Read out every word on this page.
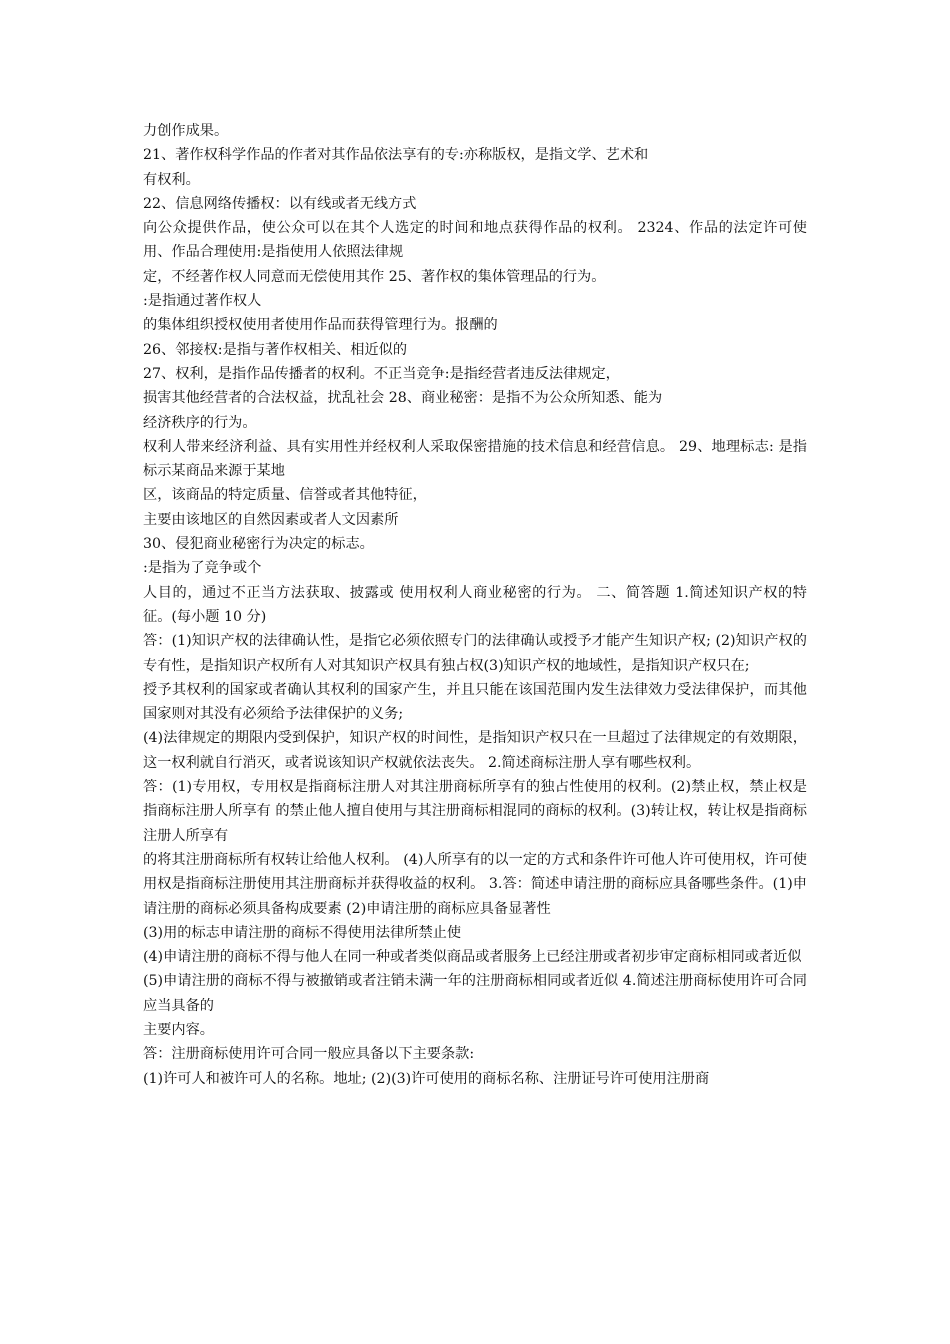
力创作成果。

21、著作权科学作品的作者对其作品依法享有的专:亦称版权，是指文学、艺术和

有权利。

22、信息网络传播权：以有线或者无线方式

向公众提供作品，使公众可以在其个人选定的时间和地点获得作品的权利。 2324、作品的法定许可使用、作品合理使用:是指使用人依照法律规

定，不经著作权人同意而无偿使用其作 25、著作权的集体管理品的行为。

:是指通过著作权人

的集体组织授权使用者使用作品而获得管理行为。报酬的

26、邻接权:是指与著作权相关、相近似的

27、权利，是指作品传播者的权利。不正当竞争:是指经营者违反法律规定，

损害其他经营者的合法权益，扰乱社会 28、商业秘密：是指不为公众所知悉、能为

经济秩序的行为。

权利人带来经济利益、具有实用性并经权利人采取保密措施的技术信息和经营信息。 29、地理标志: 是指标示某商品来源于某地

区，该商品的特定质量、信誉或者其他特征，

主要由该地区的自然因素或者人文因素所

30、侵犯商业秘密行为决定的标志。

:是指为了竞争或个

人目的，通过不正当方法获取、披露或 使用权利人商业秘密的行为。 二、简答题 1.简述知识产权的特征。(每小题 10 分)

答：(1)知识产权的法律确认性，是指它必须依照专门的法律确认或授予才能产生知识产权; (2)知识产权的专有性，是指知识产权所有人对其知识产权具有独占权(3)知识产权的地域性，是指知识产权只在;

授予其权利的国家或者确认其权利的国家产生，并且只能在该国范围内发生法律效力受法律保护，而其他国家则对其没有必须给予法律保护的义务;

(4)法律规定的期限内受到保护，知识产权的时间性，是指知识产权只在一旦超过了法律规定的有效期限，这一权利就自行消灭，或者说该知识产权就依法丧失。 2.简述商标注册人享有哪些权利。

答：(1)专用权，专用权是指商标注册人对其注册商标所享有的独占性使用的权利。(2)禁止权，禁止权是指商标注册人所享有 的禁止他人擅自使用与其注册商标相混同的商标的权利。(3)转让权，转让权是指商标注册人所享有

的将其注册商标所有权转让给他人权利。 (4)人所享有的以一定的方式和条件许可他人许可使用权，许可使用权是指商标注册使用其注册商标并获得收益的权利。 3.答：简述申请注册的商标应具备哪些条件。(1)申请注册的商标必须具备构成要素 (2)申请注册的商标应具备显著性

(3)用的标志申请注册的商标不得使用法律所禁止使

(4)申请注册的商标不得与他人在同一种或者类似商品或者服务上已经注册或者初步审定商标相同或者近似

(5)申请注册的商标不得与被撤销或者注销未满一年的注册商标相同或者近似 4.简述注册商标使用许可合同应当具备的

主要内容。

答：注册商标使用许可合同一般应具备以下主要条款:

(1)许可人和被许可人的名称。地址; (2)(3)许可使用的商标名称、注册证号许可使用注册商
